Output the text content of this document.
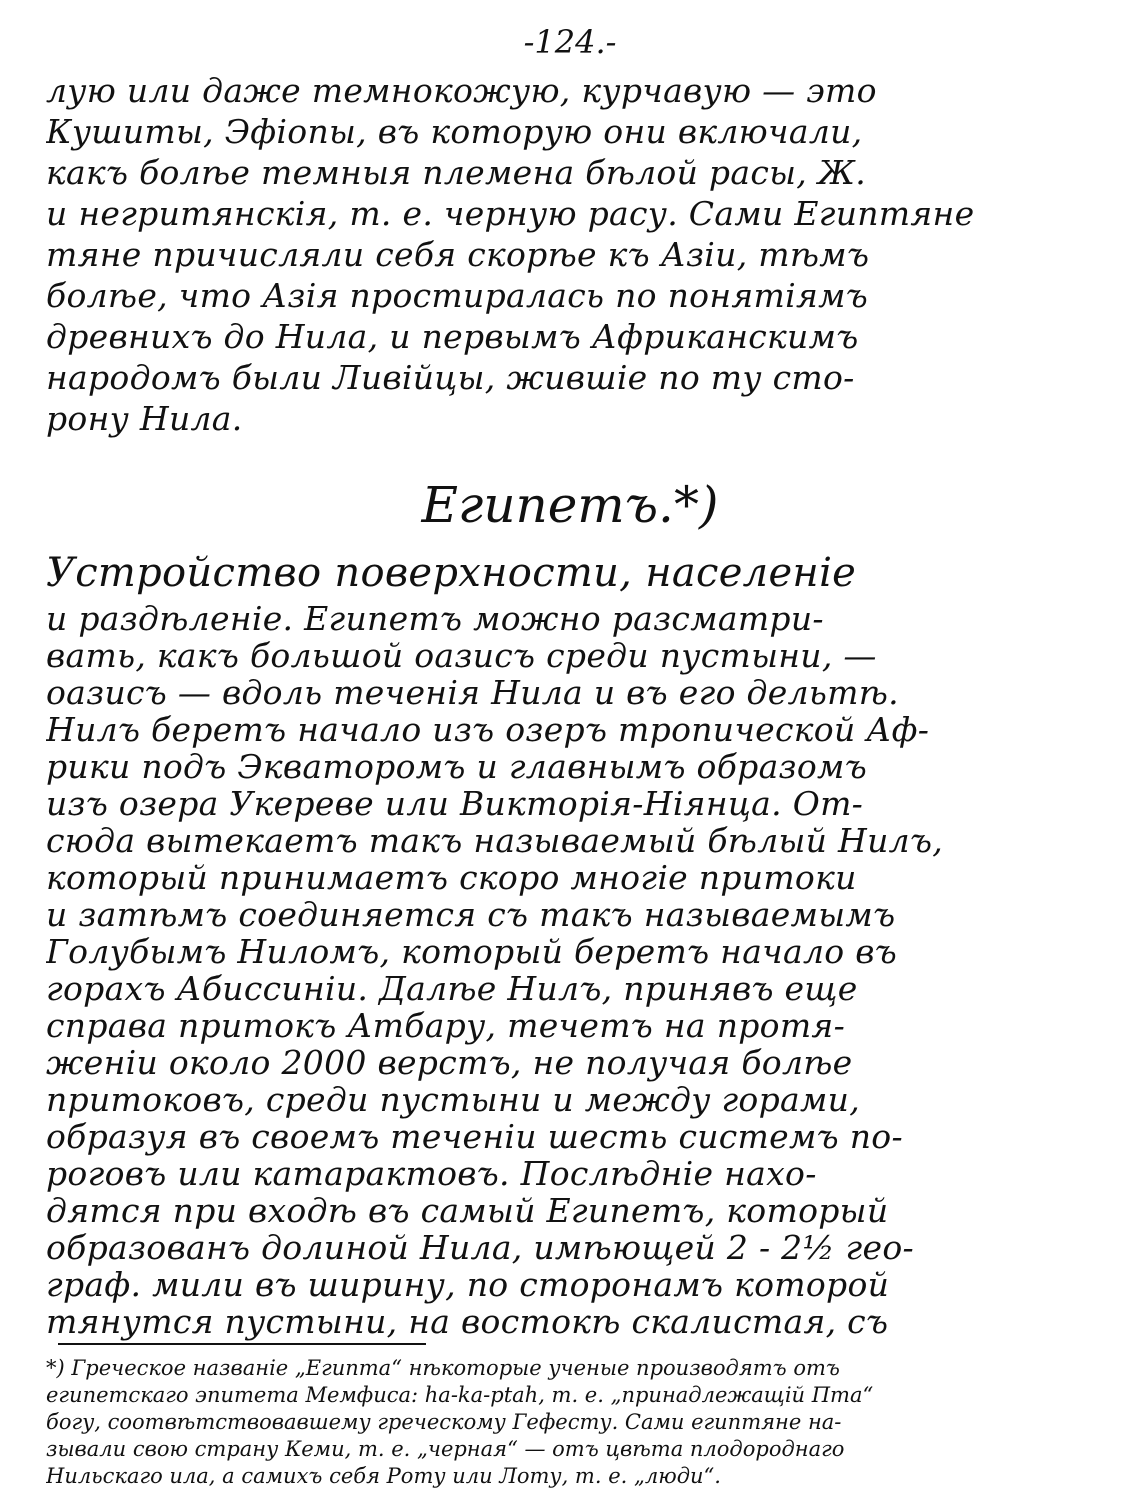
-124.-
лую или даже темнокожую, курчавую — это
Кушиты, Эфіопы, въ которую они включали,
какъ болѣе темныя племена бѣлой расы, Ж.
и негритянскія, т. е. черную расу. Сами Египтяне
тяне причисляли себя скорѣе къ Азіи, тѣмъ
болѣе, что Азія простиралась по понятіямъ
древнихъ до Нила, и первымъ Африканскимъ
народомъ были Ливійцы, жившіе по ту сто-
рону Нила.
Египетъ.*)
Устройство поверхности, населеніе
и раздѣленіе. Египетъ можно разсматри-
вать, какъ большой оазисъ среди пустыни, —
оазисъ — вдоль теченія Нила и въ его дельтѣ.
Нилъ беретъ начало изъ озеръ тропической Аф-
рики подъ Экваторомъ и главнымъ образомъ
изъ озера Укереве или Викторія-Ніянца. От-
сюда вытекаетъ такъ называемый бѣлый Нилъ,
который принимаетъ скоро многіе притоки
и затѣмъ соединяется съ такъ называемымъ
Голубымъ Ниломъ, который беретъ начало въ
горахъ Абиссиніи. Далѣе Нилъ, принявъ еще
справа притокъ Атбару, течетъ на протя-
женіи около 2000 верстъ, не получая болѣе
притоковъ, среди пустыни и между горами,
образуя въ своемъ теченіи шесть системъ по-
роговъ или катарактовъ. Послѣдніе нахо-
дятся при входѣ въ самый Египетъ, который
образованъ долиной Нила, имѣющей 2 - 2½ гео-
граф. мили въ ширину, по сторонамъ которой
тянутся пустыни, на востокѣ скалистая, съ
*) Греческое названіе „Египта“ нѣкоторые ученые производятъ отъ
египетскаго эпитета Мемфиса: ha-ka-ptah, т. е. „принадлежащій Пта“
богу, соотвѣтствовавшему греческому Гефесту. Сами египтяне на-
зывали свою страну Кеми, т. е. „черная“ — отъ цвѣта плодороднаго
Нильскаго ила, а самихъ себя Роту или Лоту, т. е. „люди“.
